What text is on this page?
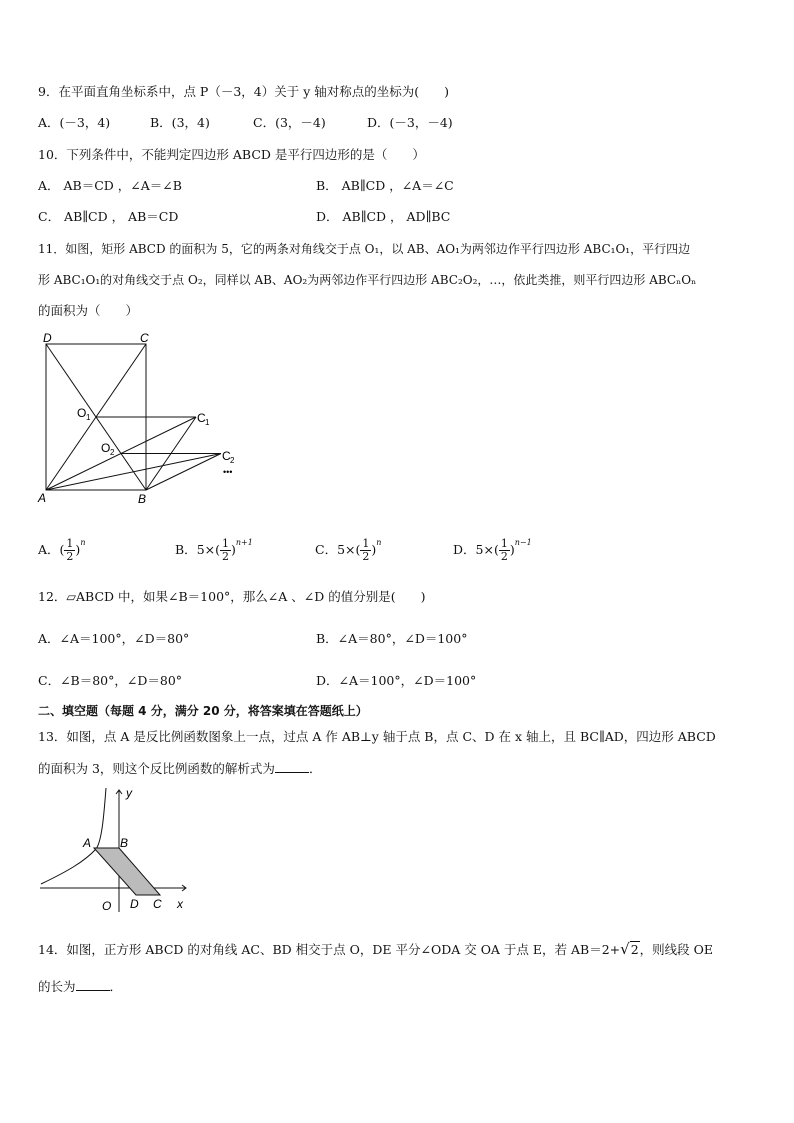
9．在平面直角坐标系中，点 P（－3，4）关于 y 轴对称点的坐标为(　　)
A．(－3，4)	B．(3，4)	C．(3，－4)	D．(－3，－4)
10．下列条件中，不能判定四边形 ABCD 是平行四边形的是（　　）
A． AB＝CD ，∠A＝∠B	B． AB∥CD ，∠A＝∠C
C． AB∥CD ， AB＝CD	D． AB∥CD ， AD∥BC
11．如图，矩形 ABCD 的面积为 5，它的两条对角线交于点 O₁，以 AB、AO₁为两邻边作平行四边形 ABC₁O₁，平行四边
形 ABC₁O₁的对角线交于点 O₂，同样以 AB、AO₂为两邻边作平行四边形 ABC₂O₂，…，依此类推，则平行四边形 ABCₙOₙ
的面积为（　　）
D	C
O 1	C 1
O 2	C 2
•••
A	B
A．( $\frac{1}{2} )^n$	B．$5\times( \frac{1}{2} )^{n+1}$	C．$5\times( \frac{1}{2} )^n$	D．$5\times( \frac{1}{2} )^{n-1}$
12．▱ABCD 中，如果∠B＝100°，那么∠A 、∠D 的值分别是(　　)
A．∠A＝100°，∠D＝80°	B．∠A＝80°，∠D＝100°
C．∠B＝80°，∠D＝80°	D．∠A＝100°，∠D＝100°
二、填空题（每题 4 分，满分 20 分，将答案填在答题纸上）
13．如图，点 A 是反比例函数图象上一点，过点 A 作 AB⊥y 轴于点 B，点 C、D 在 x 轴上，且 BC∥AD，四边形 ABCD
的面积为 3，则这个反比例函数的解析式为	．
A B
y
O D C x
14．如图，正方形 ABCD 的对角线 AC、BD 相交于点 O，DE 平分∠ODA 交 OA 于点 E，若 AB＝2+√2，则线段 OE
的长为	．
